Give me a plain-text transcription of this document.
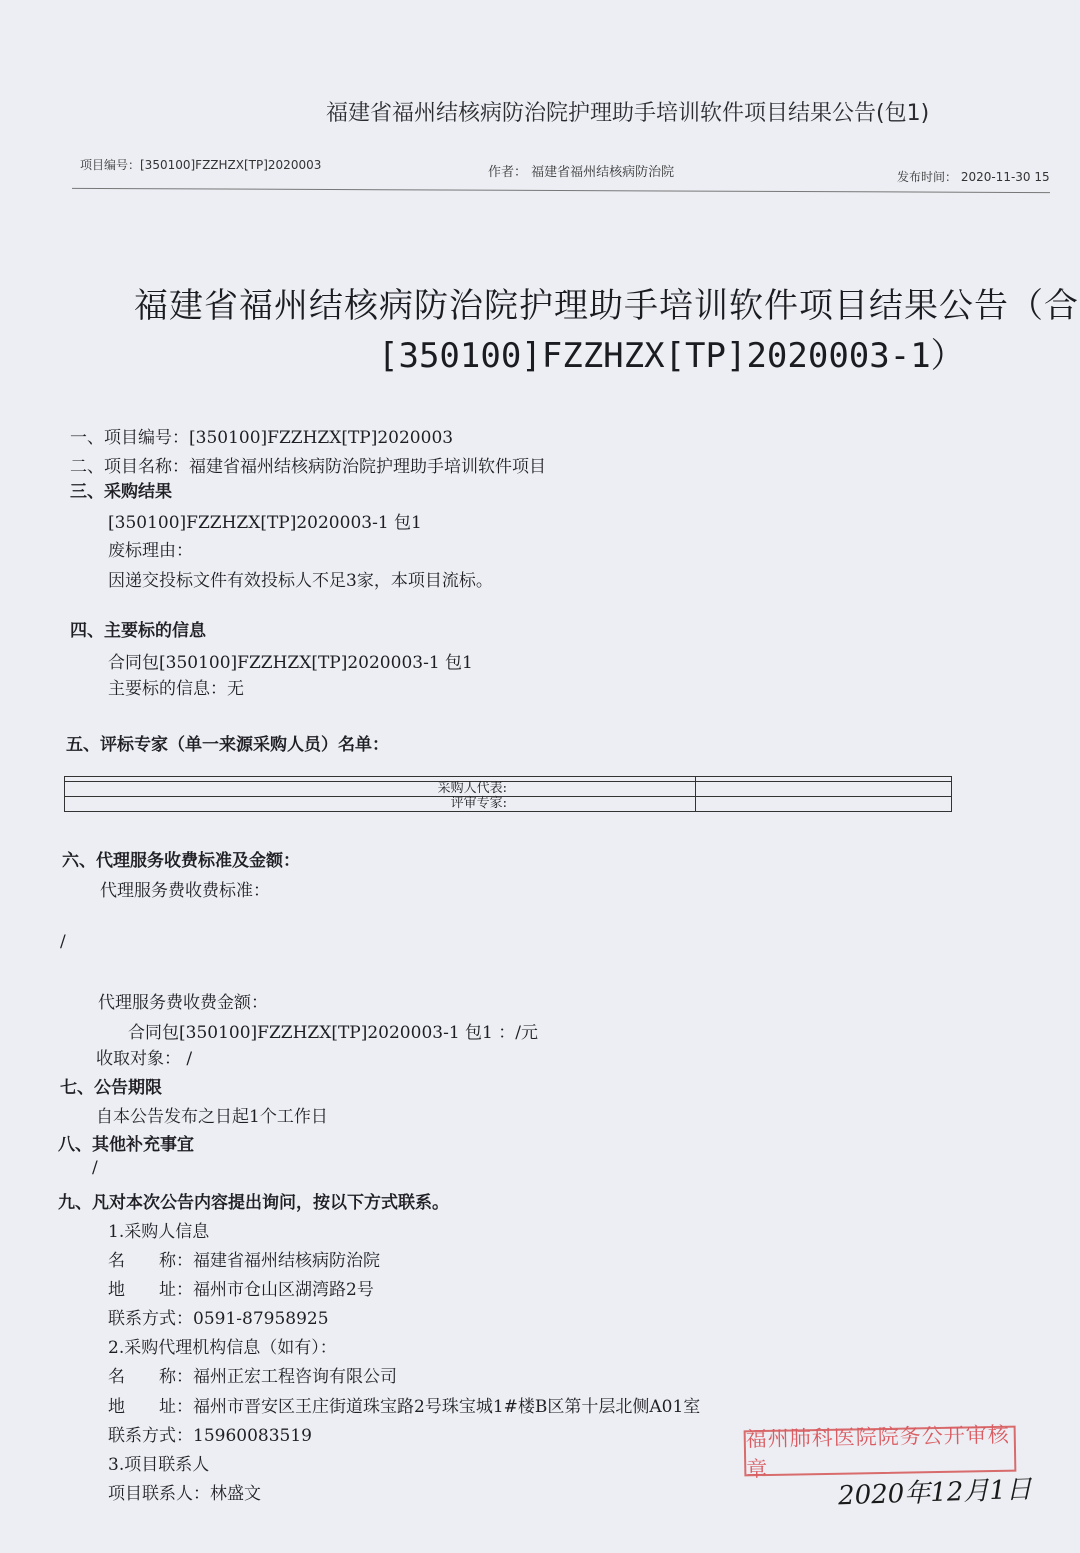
福建省福州结核病防治院护理助手培训软件项目结果公告(包1)
项目编号：[350100]FZZHZX[TP]2020003	作者： 福建省福州结核病防治院	发布时间： 2020-11-30 15
福建省福州结核病防治院护理助手培训软件项目结果公告（合
[350100]FZZHZX[TP]2020003-1）
一、项目编号：[350100]FZZHZX[TP]2020003
二、项目名称：福建省福州结核病防治院护理助手培训软件项目
三、采购结果
[350100]FZZHZX[TP]2020003-1 包1
废标理由：
因递交投标文件有效投标人不足3家，本项目流标。
四、主要标的信息
合同包[350100]FZZHZX[TP]2020003-1 包1
主要标的信息：无
五、评标专家（单一来源采购人员）名单：

采购人代表:	
评审专家:	
六、代理服务收费标准及金额：
代理服务费收费标准：
/
代理服务费收费金额：
合同包[350100]FZZHZX[TP]2020003-1 包1 ：/元
收取对象： /
七、公告期限
自本公告发布之日起1个工作日
八、其他补充事宜
/
九、凡对本次公告内容提出询问，按以下方式联系。
1.采购人信息
名　　称：福建省福州结核病防治院
地　　址：福州市仓山区湖湾路2号
联系方式：0591-87958925
2.采购代理机构信息（如有）：
名　　称：福州正宏工程咨询有限公司
地　　址：福州市晋安区王庄街道珠宝路2号珠宝城1#楼B区第十层北侧A01室
联系方式：15960083519
3.项目联系人
项目联系人：林盛文
福州肺科医院院务公开审核章
2020年12月1日
